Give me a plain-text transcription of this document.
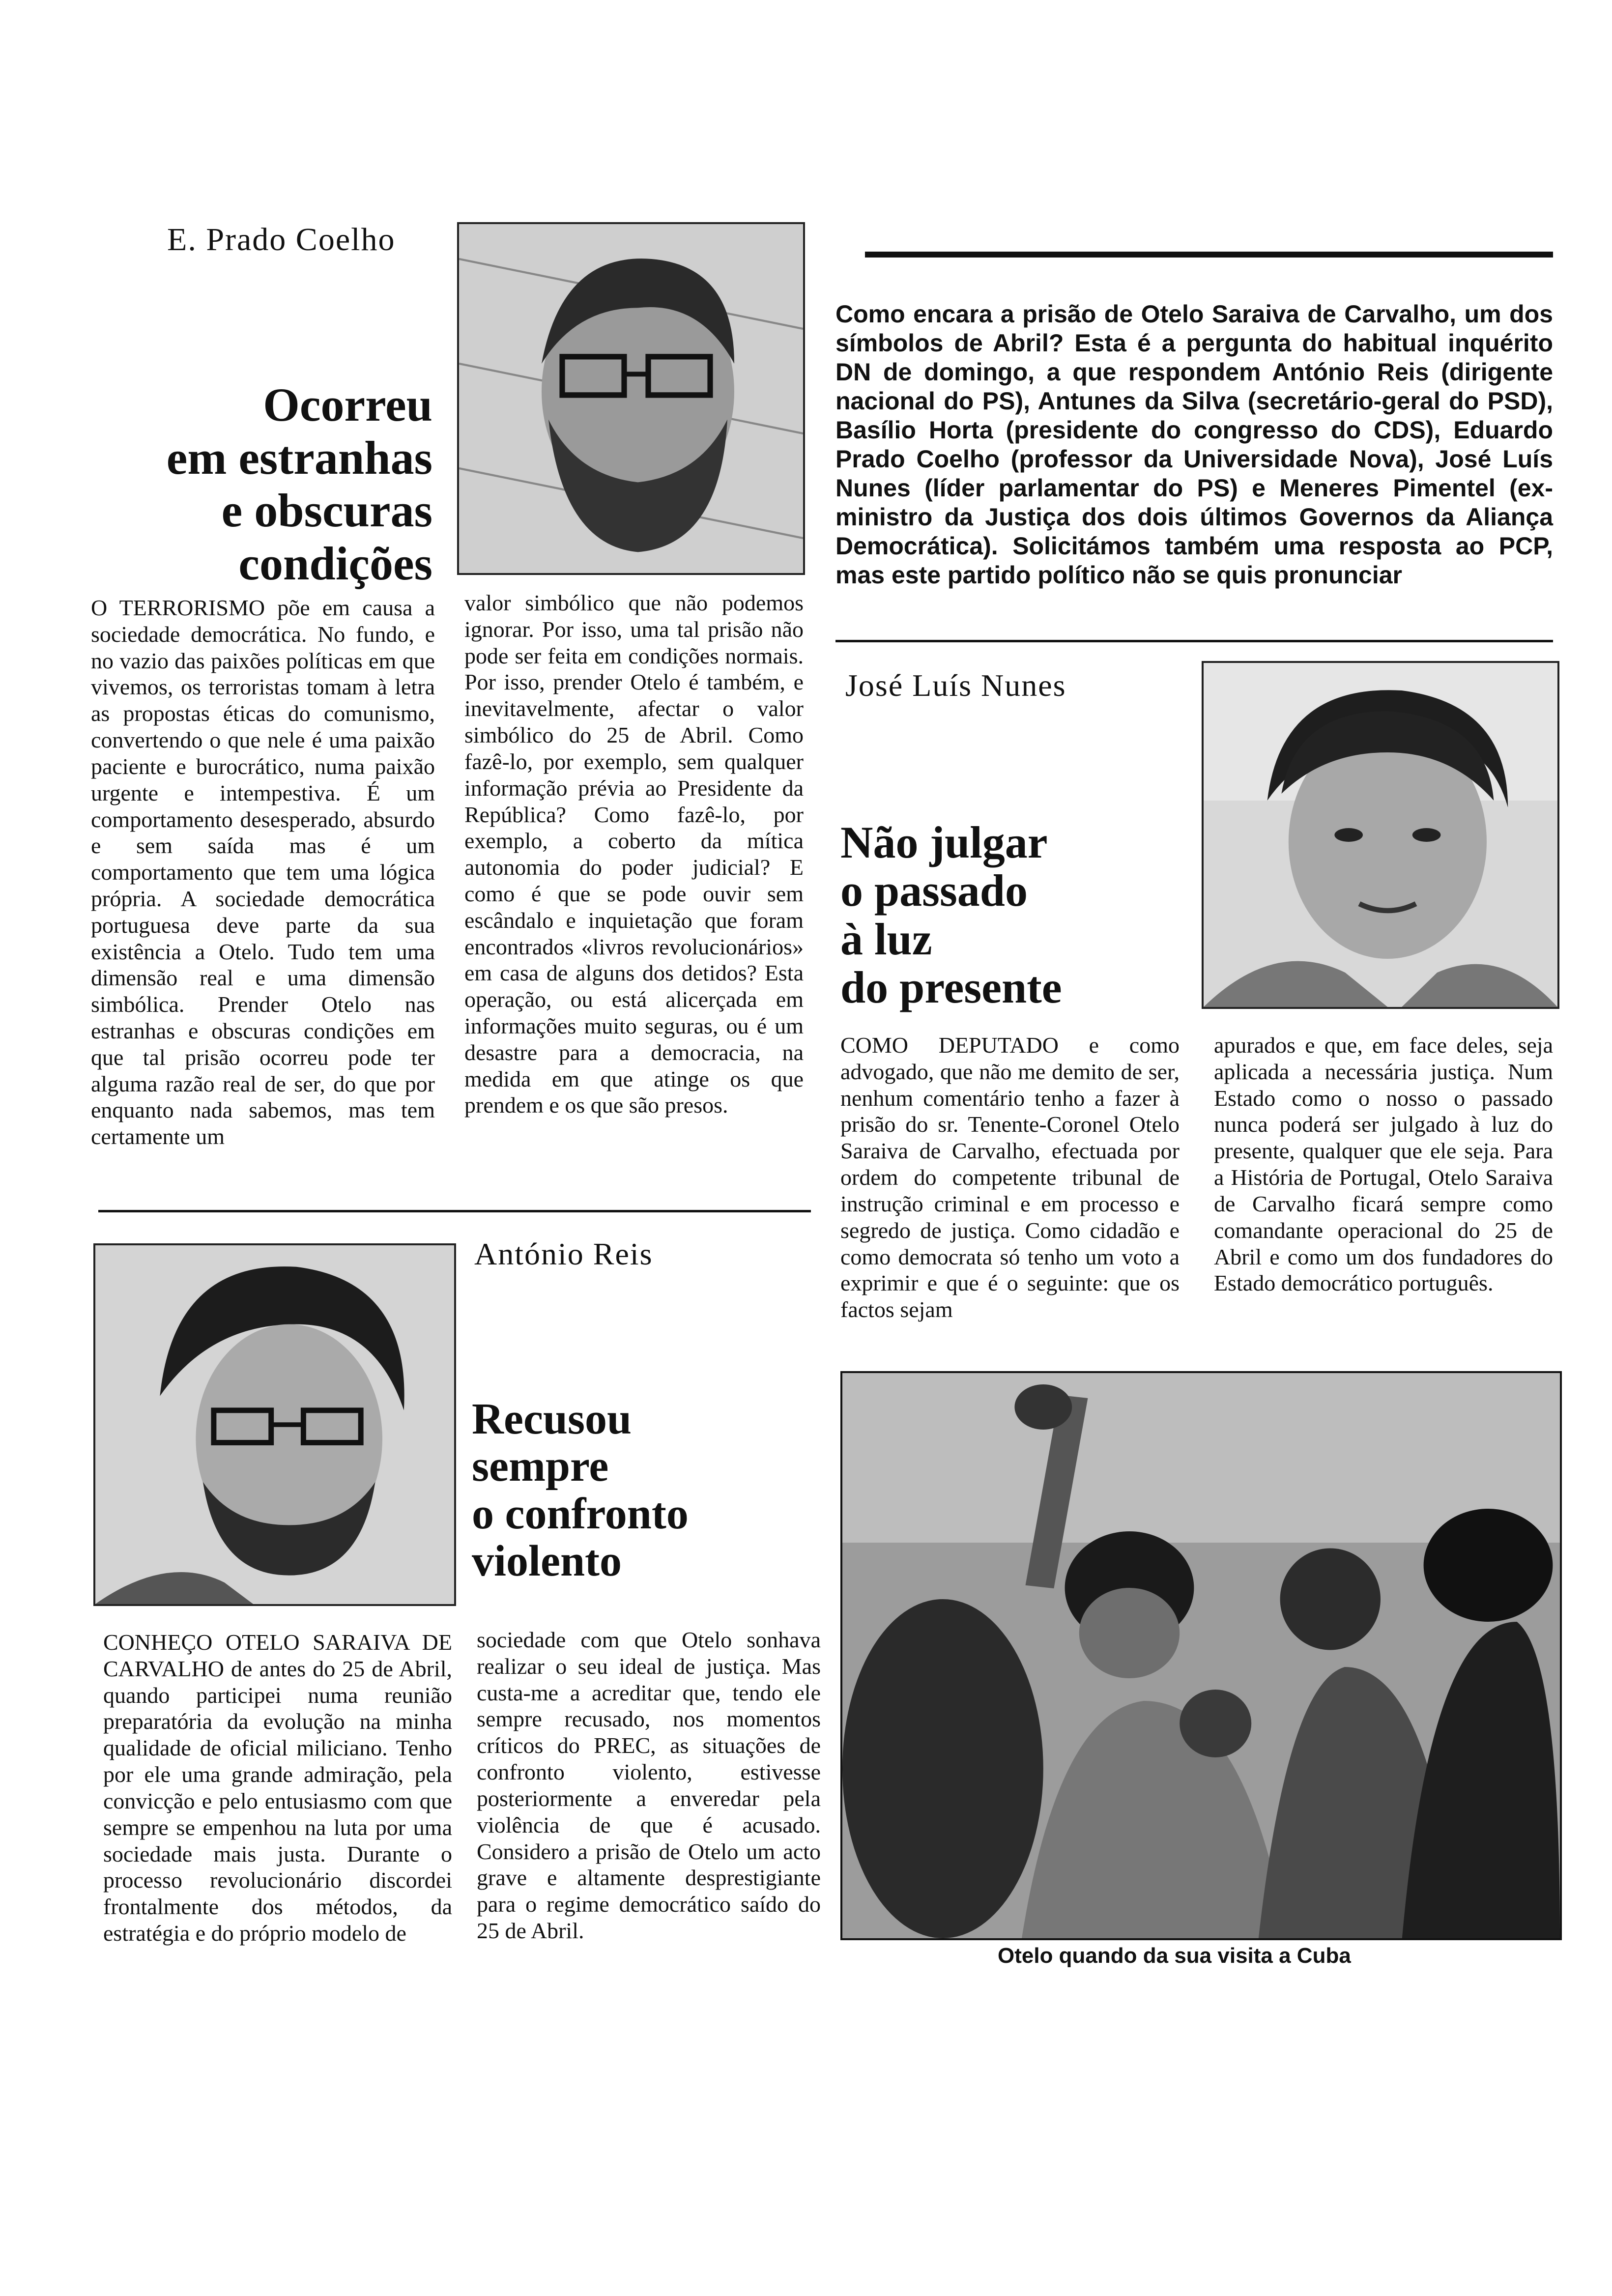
Como encara a prisão de Otelo Saraiva de Carvalho, um dos símbolos de Abril? Esta é a pergunta do habitual inquérito DN de domingo, a que respondem António Reis (dirigente nacional do PS), Antunes da Silva (secretário-geral do PSD), Basílio Horta (presidente do congresso do CDS), Eduardo Prado Coelho (professor da Universidade Nova), José Luís Nunes (líder parlamentar do PS) e Meneres Pimentel (ex-ministro da Justiça dos dois últimos Governos da Aliança Democrática). Solicitámos também uma resposta ao PCP, mas este partido político não se quis pronunciar
E. Prado Coelho
Ocorreu
em estranhas
e obscuras
condições
O TERRORISMO põe em causa a sociedade democrática. No fundo, e no vazio das paixões políticas em que vivemos, os terroristas tomam à letra as propostas éticas do comunismo, convertendo o que nele é uma paixão paciente e burocrático, numa paixão urgente e intempestiva. É um comportamento desesperado, absurdo e sem saída mas é um comportamento que tem uma lógica própria. A sociedade democrática portuguesa deve parte da sua existência a Otelo. Tudo tem uma dimensão real e uma dimensão simbólica. Prender Otelo nas estranhas e obscuras condições em que tal prisão ocorreu pode ter alguma razão real de ser, do que por enquanto nada sabemos, mas tem certamente um
valor simbólico que não podemos ignorar. Por isso, uma tal prisão não pode ser feita em condições normais. Por isso, prender Otelo é também, e inevitavelmente, afectar o valor simbólico do 25 de Abril. Como fazê-lo, por exemplo, sem qualquer informação prévia ao Presidente da República? Como fazê-lo, por exemplo, a coberto da mítica autonomia do poder judicial? E como é que se pode ouvir sem escândalo e inquietação que foram encontrados «livros revolucionários» em casa de alguns dos detidos? Esta operação, ou está alicerçada em informações muito seguras, ou é um desastre para a democracia, na medida em que atinge os que prendem e os que são presos.
José Luís Nunes
Não julgar
o passado
à luz
do presente
COMO DEPUTADO e como advogado, que não me demito de ser, nenhum comentário tenho a fazer à prisão do sr. Tenente-Coronel Otelo Saraiva de Carvalho, efectuada por ordem do competente tribunal de instrução criminal e em processo e segredo de justiça. Como cidadão e como democrata só tenho um voto a exprimir e que é o seguinte: que os factos sejam
apurados e que, em face deles, seja aplicada a necessária justiça. Num Estado como o nosso o passado nunca poderá ser julgado à luz do presente, qualquer que ele seja. Para a História de Portugal, Otelo Saraiva de Carvalho ficará sempre como comandante operacional do 25 de Abril e como um dos fundadores do Estado democrático português.
António Reis
Recusou
sempre
o confronto
violento
CONHEÇO OTELO SARAIVA DE CARVALHO de antes do 25 de Abril, quando participei numa reunião preparatória da evolução na minha qualidade de oficial miliciano. Tenho por ele uma grande admiração, pela convicção e pelo entusiasmo com que sempre se empenhou na luta por uma sociedade mais justa. Durante o processo revolucionário discordei frontalmente dos métodos, da estratégia e do próprio modelo de
sociedade com que Otelo sonhava realizar o seu ideal de justiça. Mas custa-me a acreditar que, tendo ele sempre recusado, nos momentos críticos do PREC, as situações de confronto violento, estivesse posteriormente a enveredar pela violência de que é acusado. Considero a prisão de Otelo um acto grave e altamente desprestigiante para o regime democrático saído do 25 de Abril.
Otelo quando da sua visita a Cuba
